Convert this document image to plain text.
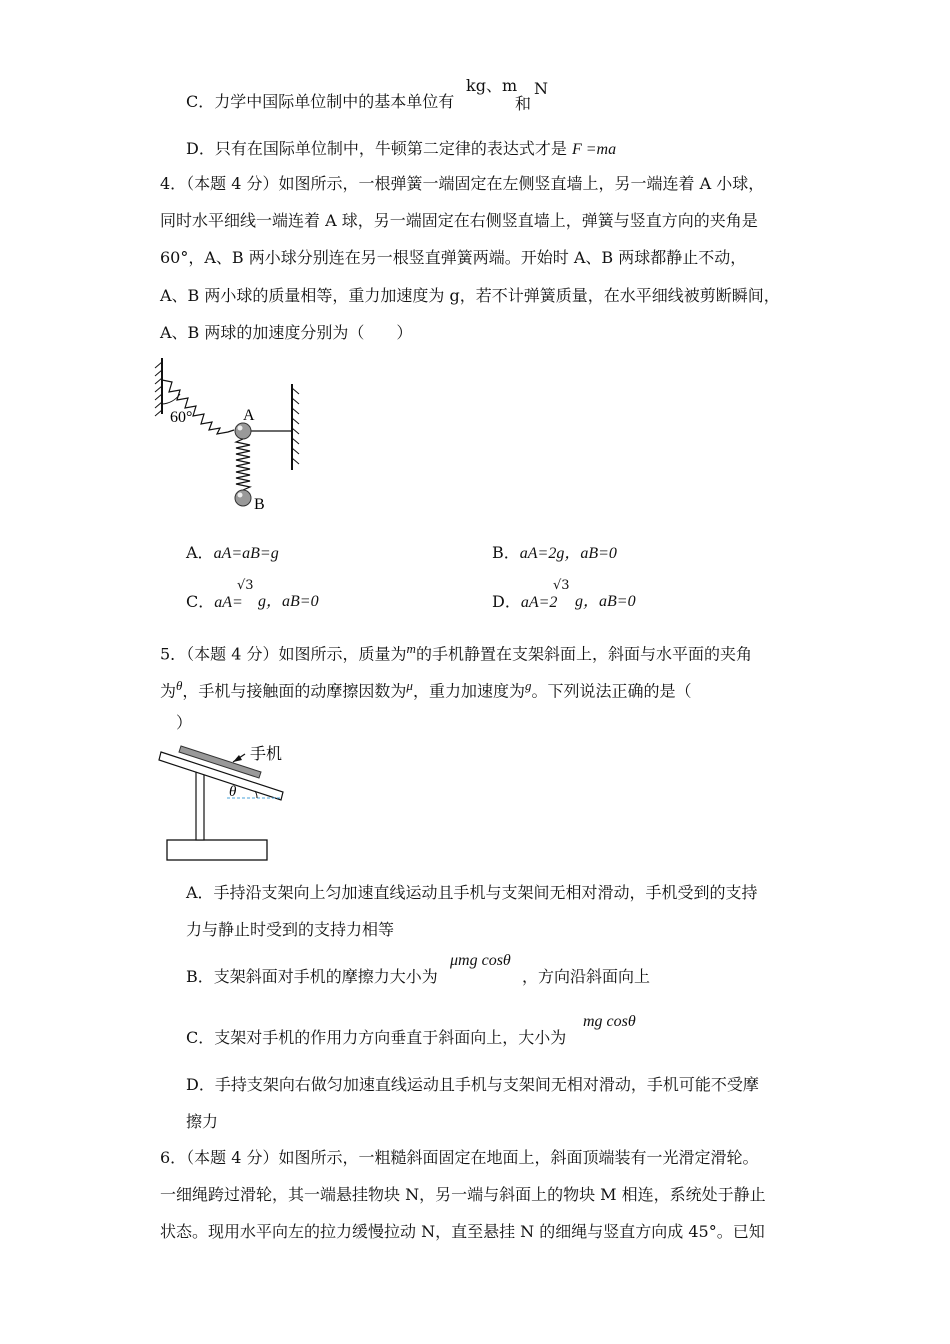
C．力学中国际单位制中的基本单位有
kg、m
和
N
D．只有在国际单位制中，牛顿第二定律的表达式才是 F =ma
4．（本题 4 分）如图所示，一根弹簧一端固定在左侧竖直墙上，另一端连着 A 小球，
同时水平细线一端连着 A 球，另一端固定在右侧竖直墙上，弹簧与竖直方向的夹角是
60°，A、B 两小球分别连在另一根竖直弹簧两端。开始时 A、B 两球都静止不动，
A、B 两小球的质量相等，重力加速度为 g，若不计弹簧质量，在水平细线被剪断瞬间，
A、B 两球的加速度分别为（　　）
60°	A
B
A．aA=aB=g	B．aA=2g，aB=0
C．aA=
√3
g，aB=0	D．aA=2
√3
g，aB=0
5．（本题 4 分）如图所示，质量为$^m$的手机静置在支架斜面上，斜面与水平面的夹角
为$^\theta$，手机与接触面的动摩擦因数为$^\mu$，重力加速度为$^g$。下列说法正确的是（
）
手机
θ
A．手持沿支架向上匀加速直线运动且手机与支架间无相对滑动，手机受到的支持
力与静止时受到的支持力相等
B．支架斜面对手机的摩擦力大小为
μmg cosθ
，方向沿斜面向上
C．支架对手机的作用力方向垂直于斜面向上，大小为
mg cosθ
D．手持支架向右做匀加速直线运动且手机与支架间无相对滑动，手机可能不受摩
擦力
6．（本题 4 分）如图所示，一粗糙斜面固定在地面上，斜面顶端装有一光滑定滑轮。
一细绳跨过滑轮，其一端悬挂物块 N，另一端与斜面上的物块 M 相连，系统处于静止
状态。现用水平向左的拉力缓慢拉动 N，直至悬挂 N 的细绳与竖直方向成 45°。已知
